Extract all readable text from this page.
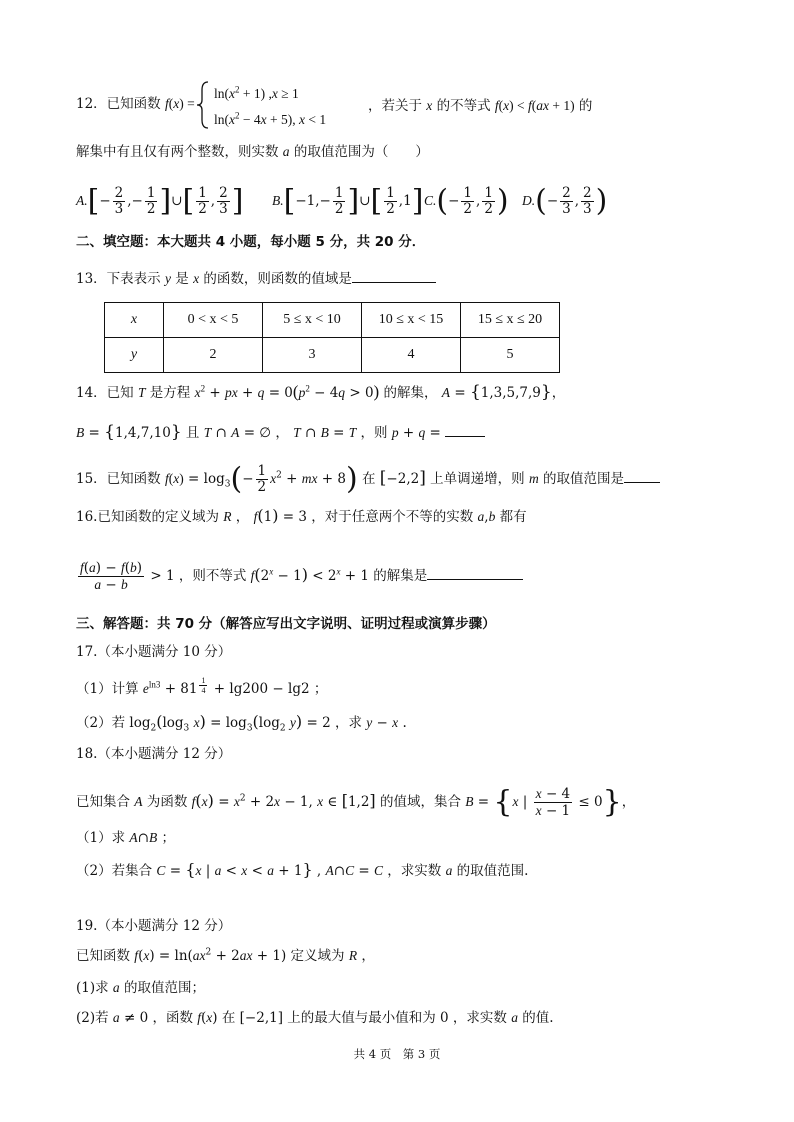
12．已知函数 f(x) =
$\ln(x^2 + 1) ,x \ge 1$
$\ln(x^2 - 4x + 5)$, x < 1
，若关于 x 的不等式 f(x) < f(ax + 1) 的
解集中有且仅有两个整数，则实数 a 的取值范围为（　　）
$A.[- \frac{2}{3}$ ,− $\frac{1}{2}$ ]∪[ $\frac{1}{2}$ , $\frac{2}{3}$ ] $B.[-1,- \frac{1}{2}$ ]∪[ $\frac{1}{2} ,1$] $C.(- \frac{1}{2}$ , $\frac{1}{2}$ ) $D.(- \frac{2}{3}$ , $\frac{2}{3}$ )
二、填空题：本大题共 4 小题，每小题 5 分，共 20 分．
13．下表表示 y 是 x 的函数，则函数的值域是
x	0 < x < 5	5 ≤ x < 10	10 ≤ x < 15	15 ≤ x ≤ 20
y	2	3	4	5
14．已知 T 是方程 $x^2$ + px + $q = 0(p^2 - 4q > 0)$ 的解集， A = {1,3,5,7,9}，
B = {1,4,7,10} 且 T ∩ A = ∅ ， T ∩ B = T ，则 p + q =
15．已知函数 $f(x) = \log_3(- \frac{1}{2} x^2$ + mx + 8) 在 [−2,2] 上单调递增，则 m 的取值范围是
16.已知函数的定义域为 R ， f(1) = 3 ，对于任意两个不等的实数 a,b 都有
$\frac{f(a) - f(b)}{a - b} > 1$ ，则不等式 $f(2^x - 1) < 2^x + 1$ 的解集是
三、解答题：共 70 分（解答应写出文字说明、证明过程或演算步骤）
17.（本小题满分 10 分）
（1）计算 $e^{ln3} + 81$ $^{\frac{1}{4}}$ + lg200 − lg2 ；
（2）若 $\log_2(\log_3$ $x) = \log_3(\log_2$ y) = 2 ，求 y − x .
18.（本小题满分 12 分）
已知集合 A 为函数 $f(x) = x^2 + 2x - 1$, x ∈ [1,2] 的值域，集合 B = {x | $\frac{x - 4}{x - 1} \le 0$}，
（1）求 A∩B ；
（2）若集合 C = {x | a < x < a + 1} , A∩C = C ，求实数 a 的取值范围.
19.（本小题满分 12 分）
已知函数 $f(x) = \ln(ax^2 + 2ax + 1)$ 定义域为 R ，
(1)求 a 的取值范围；
(2)若 a ≠ 0 ，函数 f(x) 在 [−2,1] 上的最大值与最小值和为 0 ，求实数 a 的值.
共 4 页　第 3 页
